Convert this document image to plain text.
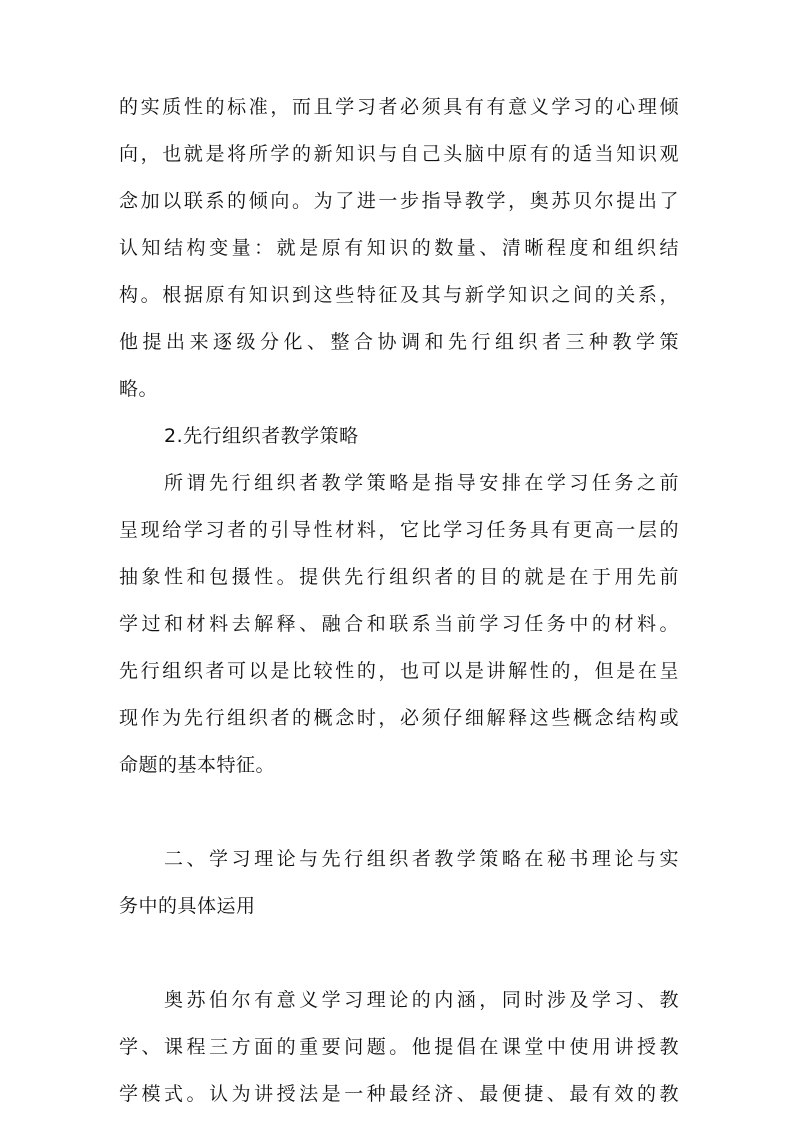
的实质性的标准，而且学习者必须具有有意义学习的心理倾
向，也就是将所学的新知识与自己头脑中原有的适当知识观
念加以联系的倾向。为了进一步指导教学，奥苏贝尔提出了
认知结构变量：就是原有知识的数量、清晰程度和组织结
构。根据原有知识到这些特征及其与新学知识之间的关系，
他提出来逐级分化、整合协调和先行组织者三种教学策
略。
2.先行组织者教学策略
所谓先行组织者教学策略是指导安排在学习任务之前
呈现给学习者的引导性材料，它比学习任务具有更高一层的
抽象性和包摄性。提供先行组织者的目的就是在于用先前
学过和材料去解释、融合和联系当前学习任务中的材料。
先行组织者可以是比较性的，也可以是讲解性的，但是在呈
现作为先行组织者的概念时，必须仔细解释这些概念结构或
命题的基本特征。
二、学习理论与先行组织者教学策略在秘书理论与实
务中的具体运用
奥苏伯尔有意义学习理论的内涵，同时涉及学习、教
学、课程三方面的重要问题。他提倡在课堂中使用讲授教
学模式。认为讲授法是一种最经济、最便捷、最有效的教
